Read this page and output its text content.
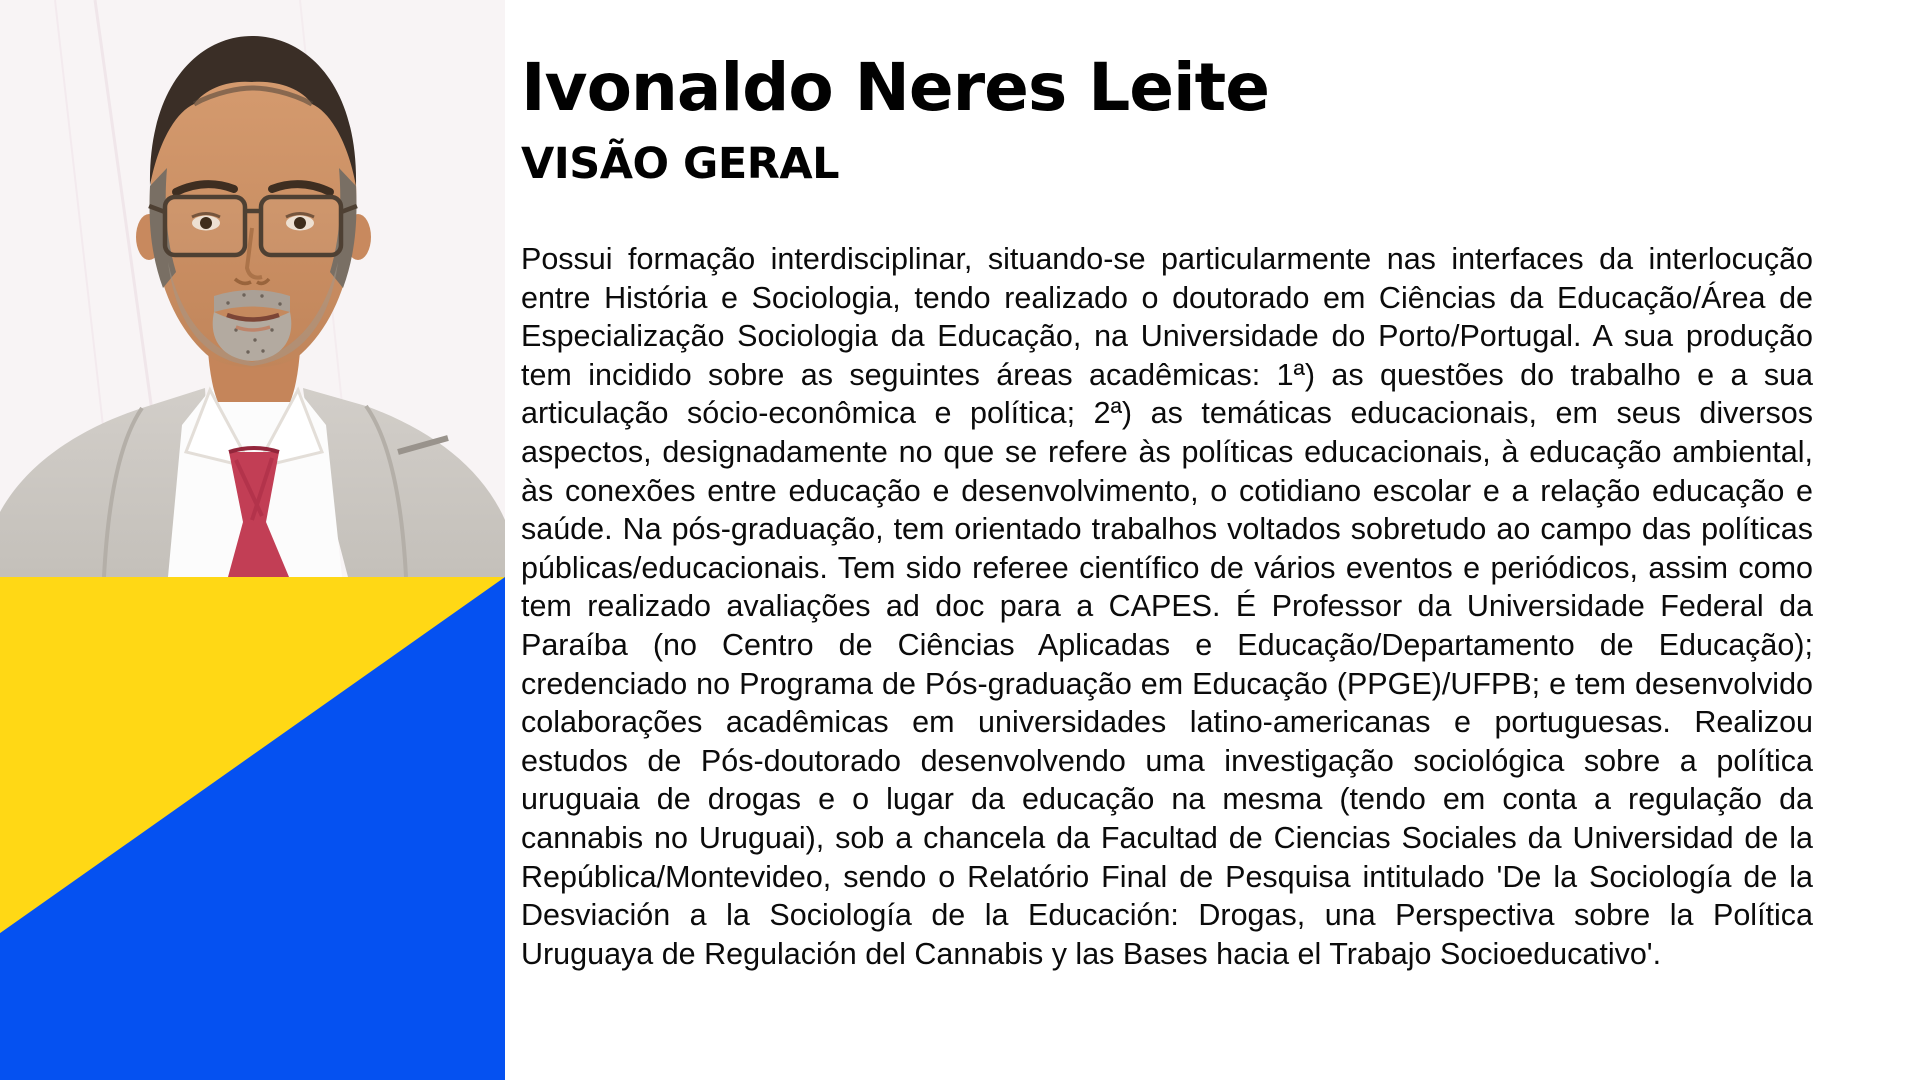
Ivonaldo Neres Leite
VISÃO GERAL

Possui formação interdisciplinar, situando-se particularmente nas interfaces da interlocução entre História e Sociologia, tendo realizado o doutorado em Ciências da Educação/Área de Especialização Sociologia da Educação, na Universidade do Porto/Portugal. A sua produção tem incidido sobre as seguintes áreas acadêmicas: 1ª) as questões do trabalho e a sua articulação sócio-econômica e política; 2ª) as temáticas educacionais, em seus diversos aspectos, designadamente no que se refere às políticas educacionais, à educação ambiental, às conexões entre educação e desenvolvimento, o cotidiano escolar e a relação educação e saúde. Na pós-graduação, tem orientado trabalhos voltados sobretudo ao campo das políticas públicas/educacionais. Tem sido referee científico de vários eventos e periódicos, assim como tem realizado avaliações ad doc para a CAPES. É Professor da Universidade Federal da Paraíba (no Centro de Ciências Aplicadas e Educação/Departamento de Educação); credenciado no Programa de Pós-graduação em Educação (PPGE)/UFPB; e tem desenvolvido colaborações acadêmicas em universidades latino-americanas e portuguesas. Realizou estudos de Pós-doutorado desenvolvendo uma investigação sociológica sobre a política uruguaia de drogas e o lugar da educação na mesma (tendo em conta a regulação da cannabis no Uruguai), sob a chancela da Facultad de Ciencias Sociales da Universidad de la República/Montevideo, sendo o Relatório Final de Pesquisa intitulado 'De la Sociología de la Desviación a la Sociología de la Educación: Drogas, una Perspectiva sobre la Política Uruguaya de Regulación del Cannabis y las Bases hacia el Trabajo Socioeducativo'.
